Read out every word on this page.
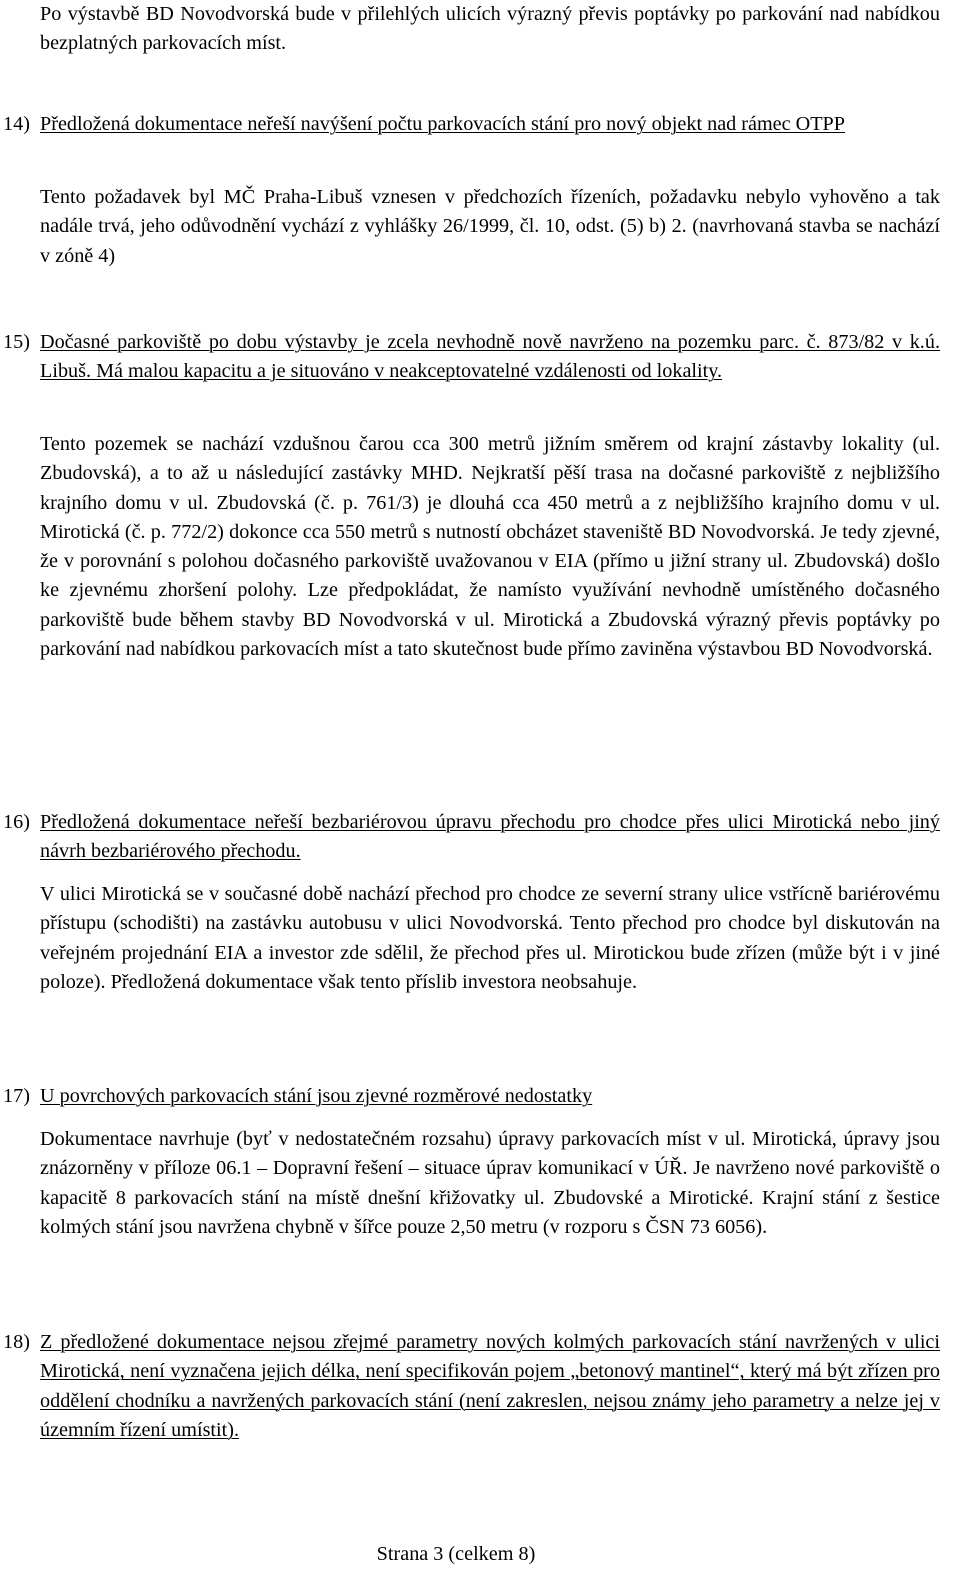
Po výstavbě BD Novodvorská bude v přilehlých ulicích výrazný převis poptávky po parkování nad nabídkou bezplatných parkovacích míst.

14) Předložená dokumentace neřeší navýšení počtu parkovacích stání pro nový objekt nad rámec OTPP

Tento požadavek byl MČ Praha-Libuš vznesen v předchozích řízeních, požadavku nebylo vyhověno a tak nadále trvá, jeho odůvodnění vychází z vyhlášky 26/1999, čl. 10, odst. (5) b) 2. (navrhovaná stavba se nachází v zóně 4)

15) Dočasné parkoviště po dobu výstavby je zcela nevhodně nově navrženo na pozemku parc. č. 873/82 v k.ú. Libuš. Má malou kapacitu a je situováno v neakceptovatelné vzdálenosti od lokality.

Tento pozemek se nachází vzdušnou čarou cca 300 metrů jižním směrem od krajní zástavby lokality (ul. Zbudovská), a to až u následující zastávky MHD. Nejkratší pěší trasa na dočasné parkoviště z nejbližšího krajního domu v ul. Zbudovská (č. p. 761/3) je dlouhá cca 450 metrů a z nejbližšího krajního domu v ul. Mirotická (č. p. 772/2) dokonce cca 550 metrů s nutností obcházet staveniště BD Novodvorská. Je tedy zjevné, že v porovnání s polohou dočasného parkoviště uvažovanou v EIA (přímo u jižní strany ul. Zbudovská) došlo ke zjevnému zhoršení polohy. Lze předpokládat, že namísto využívání nevhodně umístěného dočasného parkoviště bude během stavby BD Novodvorská v ul. Mirotická a Zbudovská výrazný převis poptávky po parkování nad nabídkou parkovacích míst a tato skutečnost bude přímo zaviněna výstavbou BD Novodvorská.

16) Předložená dokumentace neřeší bezbariérovou úpravu přechodu pro chodce přes ulici Mirotická nebo jiný návrh bezbariérového přechodu.

V ulici Mirotická se v současné době nachází přechod pro chodce ze severní strany ulice vstřícně bariérovému přístupu (schodišti) na zastávku autobusu v ulici Novodvorská. Tento přechod pro chodce byl diskutován na veřejném projednání EIA a investor zde sdělil, že přechod přes ul. Mirotickou bude zřízen (může být i v jiné poloze). Předložená dokumentace však tento příslib investora neobsahuje.

17) U povrchových parkovacích stání jsou zjevné rozměrové nedostatky

Dokumentace navrhuje (byť v nedostatečném rozsahu) úpravy parkovacích míst v ul. Mirotická, úpravy jsou znázorněny v příloze 06.1 – Dopravní řešení – situace úprav komunikací v ÚŘ. Je navrženo nové parkoviště o kapacitě 8 parkovacích stání na místě dnešní křižovatky ul. Zbudovské a Mirotické. Krajní stání z šestice kolmých stání jsou navržena chybně v šířce pouze 2,50 metru (v rozporu s ČSN 73 6056).

18) Z předložené dokumentace nejsou zřejmé parametry nových kolmých parkovacích stání navržených v ulici Mirotická, není vyznačena jejich délka, není specifikován pojem „betonový mantinel“, který má být zřízen pro oddělení chodníku a navržených parkovacích stání (není zakreslen, nejsou známy jeho parametry a nelze jej v územním řízení umístit).
Strana 3 (celkem 8)
